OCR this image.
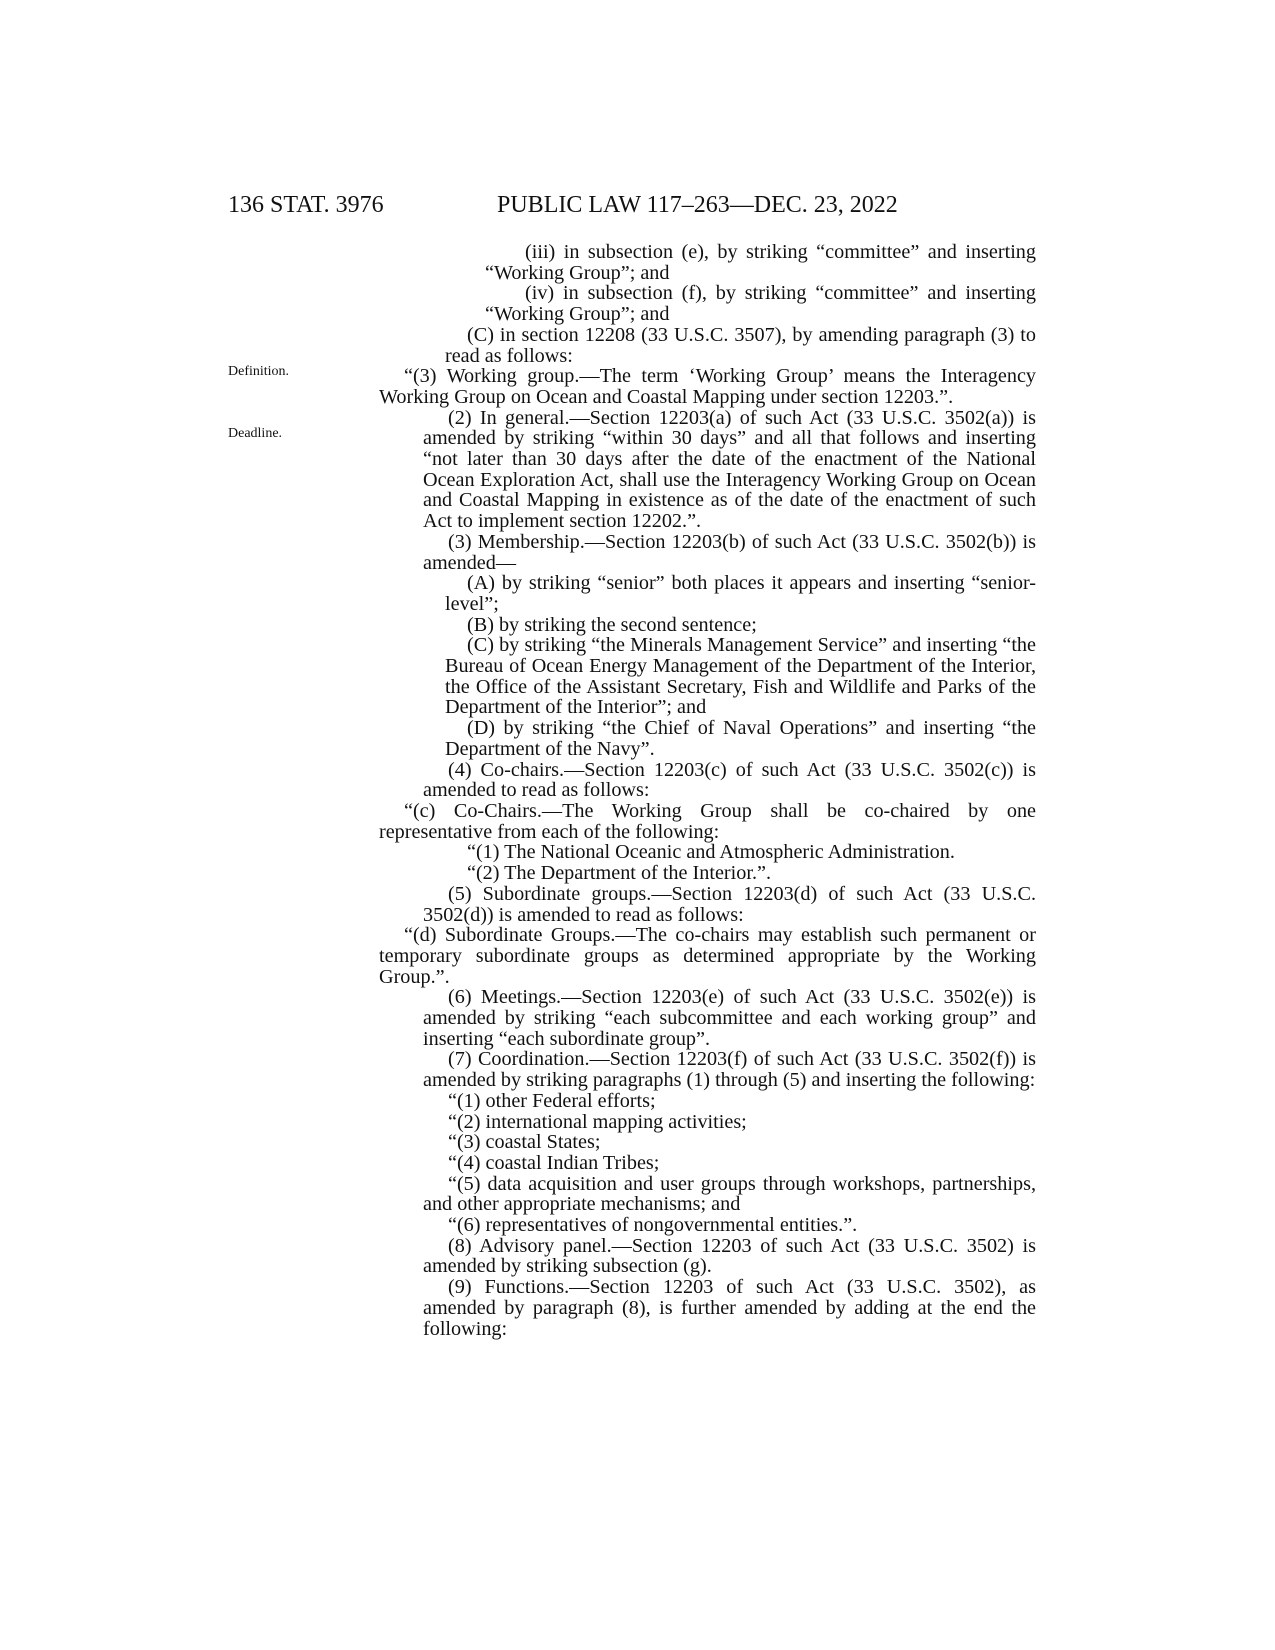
136 STAT. 3976	PUBLIC LAW 117–263—DEC. 23, 2022
Definition.
Deadline.

(iii) in subsection (e), by striking “committee” and inserting “Working Group”; and

(iv) in subsection (f), by striking “committee” and inserting “Working Group”; and

(C) in section 12208 (33 U.S.C. 3507), by amending paragraph (3) to read as follows:

“(3) Working group.—The term ‘Working Group’ means the Interagency Working Group on Ocean and Coastal Mapping under section 12203.”.

(2) In general.—Section 12203(a) of such Act (33 U.S.C. 3502(a)) is amended by striking “within 30 days” and all that follows and inserting “not later than 30 days after the date of the enactment of the National Ocean Exploration Act, shall use the Interagency Working Group on Ocean and Coastal Mapping in existence as of the date of the enactment of such Act to implement section 12202.”.

(3) Membership.—Section 12203(b) of such Act (33 U.S.C. 3502(b)) is amended—

(A) by striking “senior” both places it appears and inserting “senior-level”;

(B) by striking the second sentence;

(C) by striking “the Minerals Management Service” and inserting “the Bureau of Ocean Energy Management of the Department of the Interior, the Office of the Assistant Secretary, Fish and Wildlife and Parks of the Department of the Interior”; and

(D) by striking “the Chief of Naval Operations” and inserting “the Department of the Navy”.

(4) Co-chairs.—Section 12203(c) of such Act (33 U.S.C. 3502(c)) is amended to read as follows:

“(c) Co-Chairs.—The Working Group shall be co-chaired by one representative from each of the following:

“(1) The National Oceanic and Atmospheric Administration.

“(2) The Department of the Interior.”.

(5) Subordinate groups.—Section 12203(d) of such Act (33 U.S.C. 3502(d)) is amended to read as follows:

“(d) Subordinate Groups.—The co-chairs may establish such permanent or temporary subordinate groups as determined appropriate by the Working Group.”.

(6) Meetings.—Section 12203(e) of such Act (33 U.S.C. 3502(e)) is amended by striking “each subcommittee and each working group” and inserting “each subordinate group”.

(7) Coordination.—Section 12203(f) of such Act (33 U.S.C. 3502(f)) is amended by striking paragraphs (1) through (5) and inserting the following:

“(1) other Federal efforts;

“(2) international mapping activities;

“(3) coastal States;

“(4) coastal Indian Tribes;

“(5) data acquisition and user groups through workshops, partnerships, and other appropriate mechanisms; and

“(6) representatives of nongovernmental entities.”.

(8) Advisory panel.—Section 12203 of such Act (33 U.S.C. 3502) is amended by striking subsection (g).

(9) Functions.—Section 12203 of such Act (33 U.S.C. 3502), as amended by paragraph (8), is further amended by adding at the end the following:
